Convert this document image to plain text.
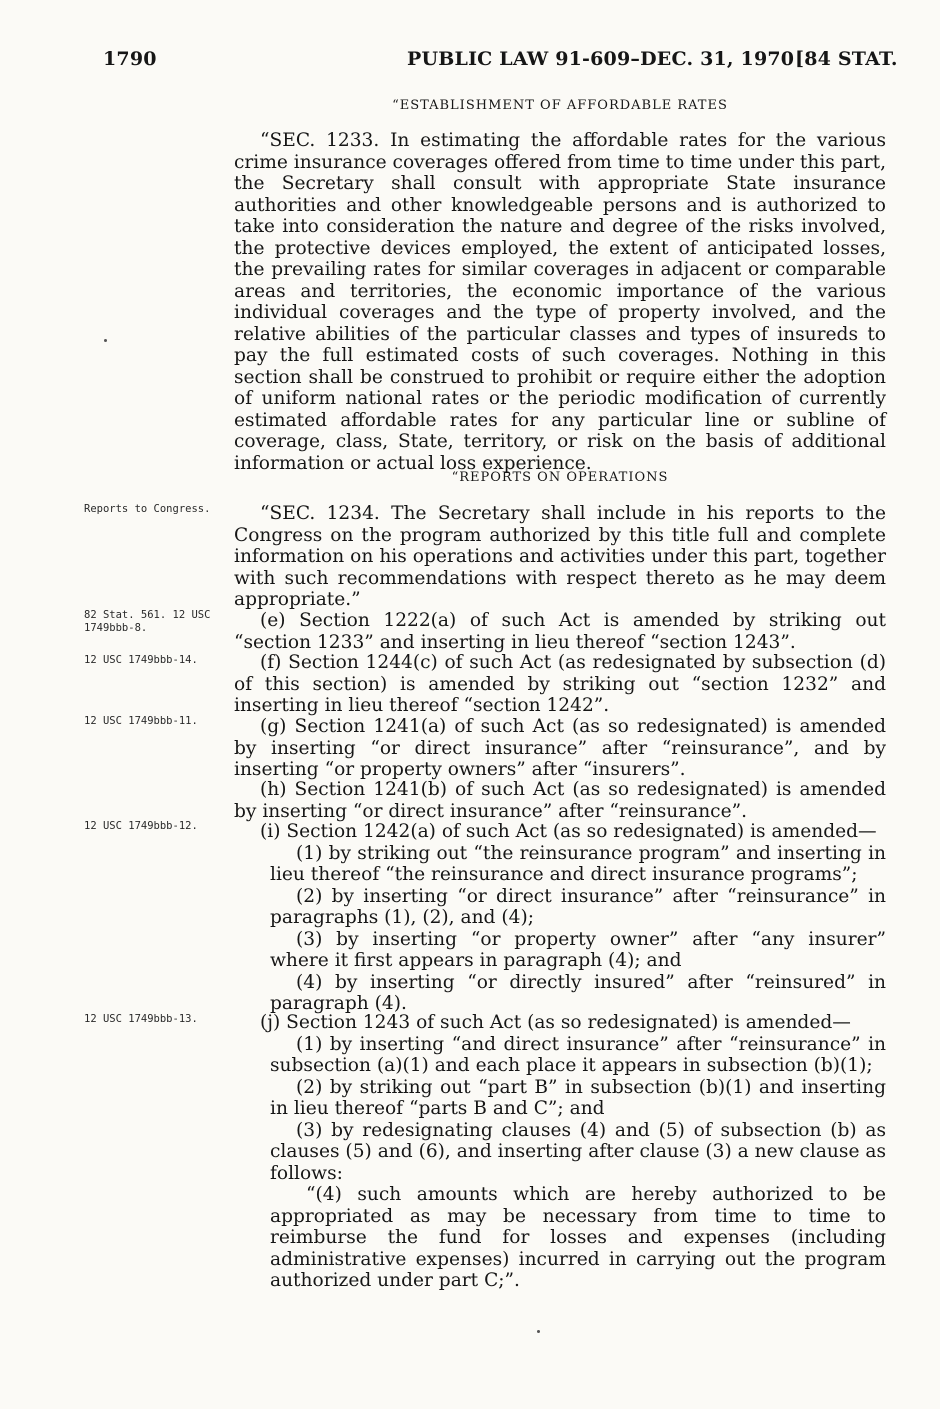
1790	PUBLIC LAW 91-609–DEC. 31, 1970 [84 STAT.
“ESTABLISHMENT OF AFFORDABLE RATES

“SEC. 1233. In estimating the affordable rates for the various crime insurance coverages offered from time to time under this part, the Secretary shall consult with appropriate State insurance authorities and other knowledgeable persons and is authorized to take into consideration the nature and degree of the risks involved, the protective devices employed, the extent of anticipated losses, the prevailing rates for similar coverages in adjacent or comparable areas and territories, the economic importance of the various individual coverages and the type of property involved, and the relative abilities of the particular classes and types of insureds to pay the full estimated costs of such coverages. Nothing in this section shall be construed to prohibit or require either the adoption of uniform national rates or the periodic modification of currently estimated affordable rates for any particular line or subline of coverage, class, State, territory, or risk on the basis of additional information or actual loss experience.

“REPORTS ON OPERATIONS
Reports to Congress.	“SEC. 1234. The Secretary shall include in his reports to the Congress on the program authorized by this title full and complete information on his operations and activities under this part, together with such recommendations with respect thereto as he may deem appropriate.”

82 Stat. 561. 12 USC 1749bbb-8.	(e) Section 1222(a) of such Act is amended by striking out “section 1233” and inserting in lieu thereof “section 1243”.

12 USC 1749bbb-14.	(f) Section 1244(c) of such Act (as redesignated by subsection (d) of this section) is amended by striking out “section 1232” and inserting in lieu thereof “section 1242”.

12 USC 1749bbb-11.	(g) Section 1241(a) of such Act (as so redesignated) is amended by inserting “or direct insurance” after “reinsurance”, and by inserting “or property owners” after “insurers”.

(h) Section 1241(b) of such Act (as so redesignated) is amended by inserting “or direct insurance” after “reinsurance”.

12 USC 1749bbb-12.	(i) Section 1242(a) of such Act (as so redesignated) is amended—

(1) by striking out “the reinsurance program” and inserting in lieu thereof “the reinsurance and direct insurance programs”;

(2) by inserting “or direct insurance” after “reinsurance” in paragraphs (1), (2), and (4);

(3) by inserting “or property owner” after “any insurer” where it first appears in paragraph (4); and

(4) by inserting “or directly insured” after “reinsured” in paragraph (4).

12 USC 1749bbb-13.	(j) Section 1243 of such Act (as so redesignated) is amended—

(1) by inserting “and direct insurance” after “reinsurance” in subsection (a)(1) and each place it appears in subsection (b)(1);

(2) by striking out “part B” in subsection (b)(1) and inserting in lieu thereof “parts B and C”; and

(3) by redesignating clauses (4) and (5) of subsection (b) as clauses (5) and (6), and inserting after clause (3) a new clause as follows:

“(4) such amounts which are hereby authorized to be appropriated as may be necessary from time to time to reimburse the fund for losses and expenses (including administrative expenses) incurred in carrying out the program authorized under part C;”.
